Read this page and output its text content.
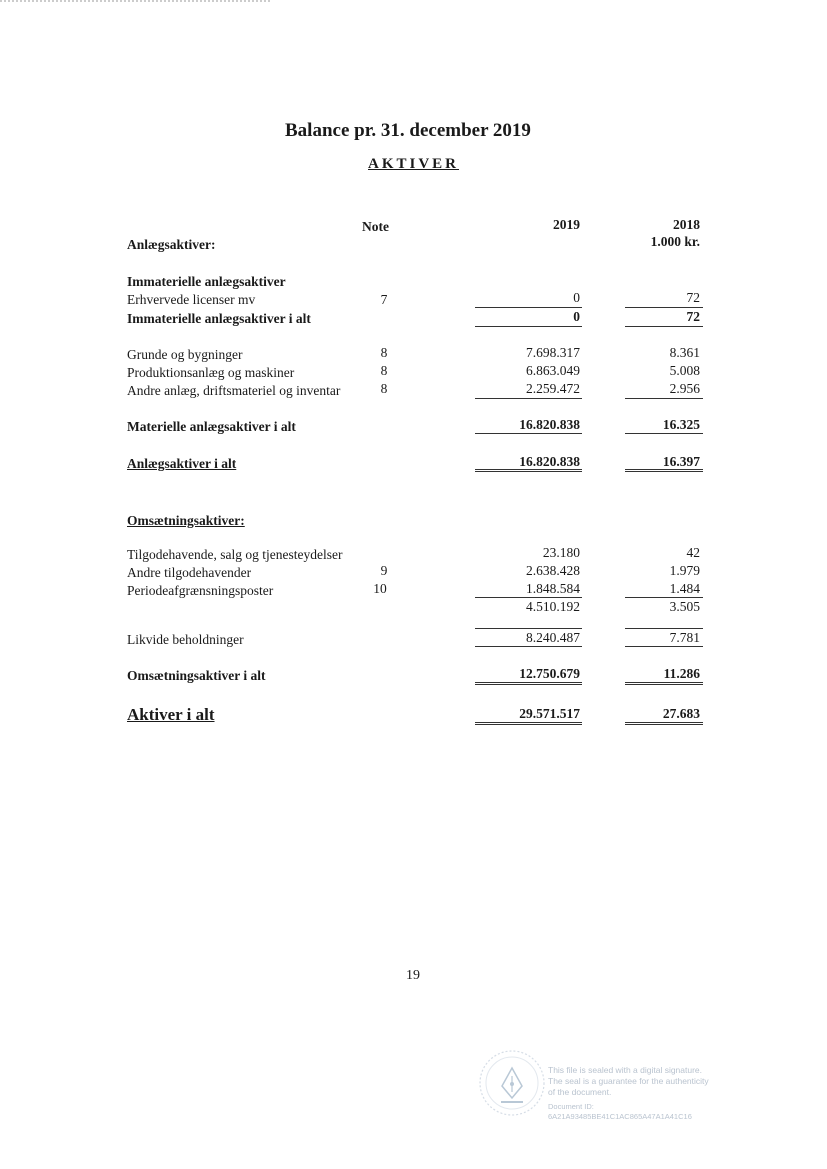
Balance pr. 31. december 2019
AKTIVER
Note	2019	2018
1.000 kr.
Anlægsaktiver:
Immaterielle anlægsaktiver
Erhvervede licenser mv	7	0	72
Immaterielle anlægsaktiver i alt	0	72
Grunde og bygninger	8	7.698.317	8.361
Produktionsanlæg og maskiner	8	6.863.049	5.008
Andre anlæg, driftsmateriel og inventar	8	2.259.472	2.956
Materielle anlægsaktiver i alt	16.820.838	16.325
Anlægsaktiver i alt	16.820.838	16.397
Omsætningsaktiver:
Tilgodehavende, salg og tjenesteydelser	23.180	42
Andre tilgodehavender	9	2.638.428	1.979
Periodeafgrænsningsposter	10	1.848.584	1.484
4.510.192	3.505
Likvide beholdninger	8.240.487	7.781
Omsætningsaktiver i alt	12.750.679	11.286
Aktiver i alt	29.571.517	27.683
19
This file is sealed with a digital signature.
The seal is a guarantee for the authenticity
of the document.
Document ID:
6A21A93485BE41C1AC865A47A1A41C16
